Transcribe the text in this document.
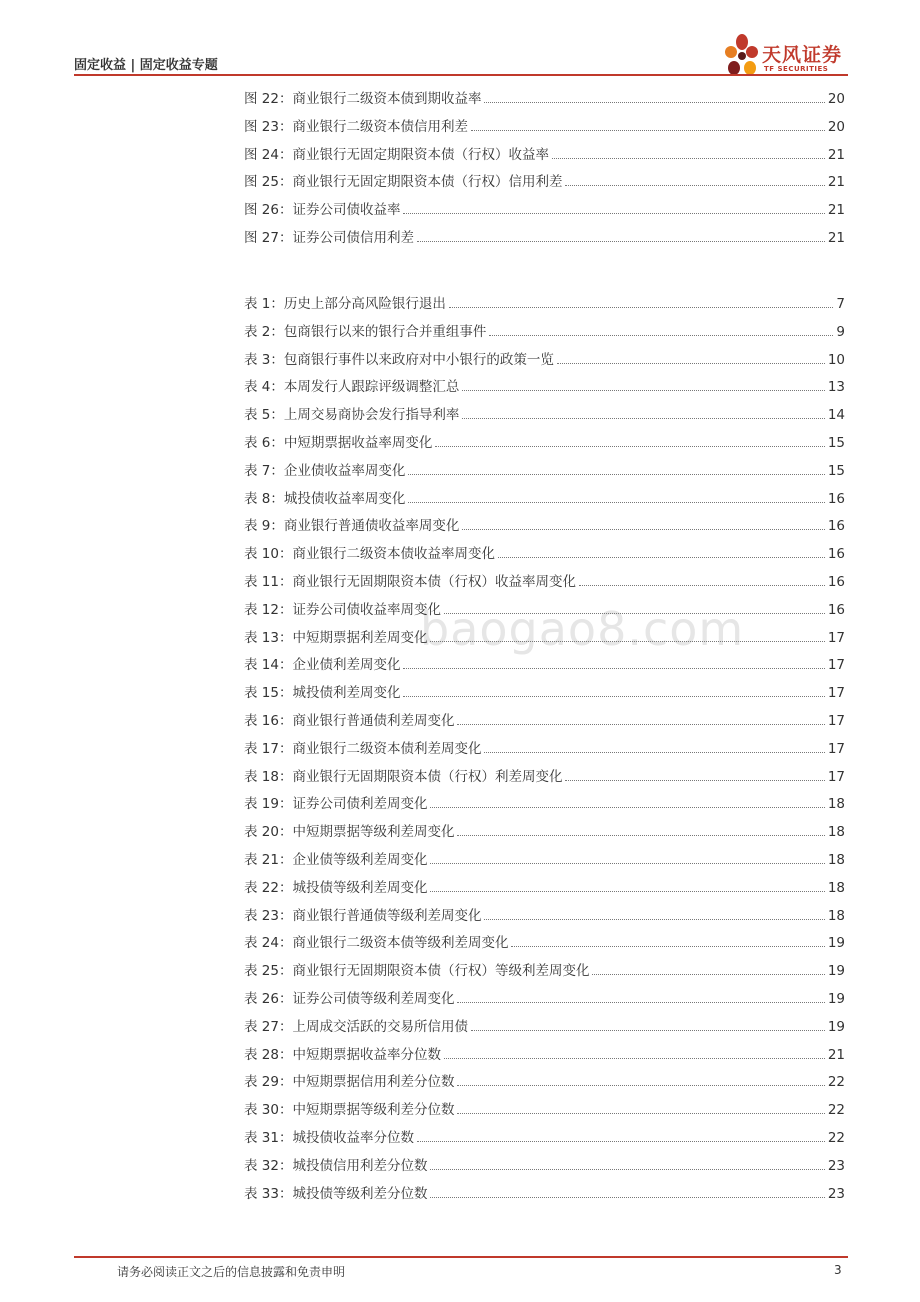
固定收益 | 固定收益专题	天风证券
TF SECURITIES
baogao8.com
图 22：商业银行二级资本债到期收益率	20
图 23：商业银行二级资本债信用利差	20
图 24：商业银行无固定期限资本债（行权）收益率	21
图 25：商业银行无固定期限资本债（行权）信用利差	21
图 26：证券公司债收益率	21
图 27：证券公司债信用利差	21
表 1：历史上部分高风险银行退出	7
表 2：包商银行以来的银行合并重组事件	9
表 3：包商银行事件以来政府对中小银行的政策一览	10
表 4：本周发行人跟踪评级调整汇总	13
表 5：上周交易商协会发行指导利率	14
表 6：中短期票据收益率周变化	15
表 7：企业债收益率周变化	15
表 8：城投债收益率周变化	16
表 9：商业银行普通债收益率周变化	16
表 10：商业银行二级资本债收益率周变化	16
表 11：商业银行无固期限资本债（行权）收益率周变化	16
表 12：证券公司债收益率周变化	16
表 13：中短期票据利差周变化	17
表 14：企业债利差周变化	17
表 15：城投债利差周变化	17
表 16：商业银行普通债利差周变化	17
表 17：商业银行二级资本债利差周变化	17
表 18：商业银行无固期限资本债（行权）利差周变化	17
表 19：证券公司债利差周变化	18
表 20：中短期票据等级利差周变化	18
表 21：企业债等级利差周变化	18
表 22：城投债等级利差周变化	18
表 23：商业银行普通债等级利差周变化	18
表 24：商业银行二级资本债等级利差周变化	19
表 25：商业银行无固期限资本债（行权）等级利差周变化	19
表 26：证券公司债等级利差周变化	19
表 27：上周成交活跃的交易所信用债	19
表 28：中短期票据收益率分位数	21
表 29：中短期票据信用利差分位数	22
表 30：中短期票据等级利差分位数	22
表 31：城投债收益率分位数	22
表 32：城投债信用利差分位数	23
表 33：城投债等级利差分位数	23
请务必阅读正文之后的信息披露和免责申明	3
